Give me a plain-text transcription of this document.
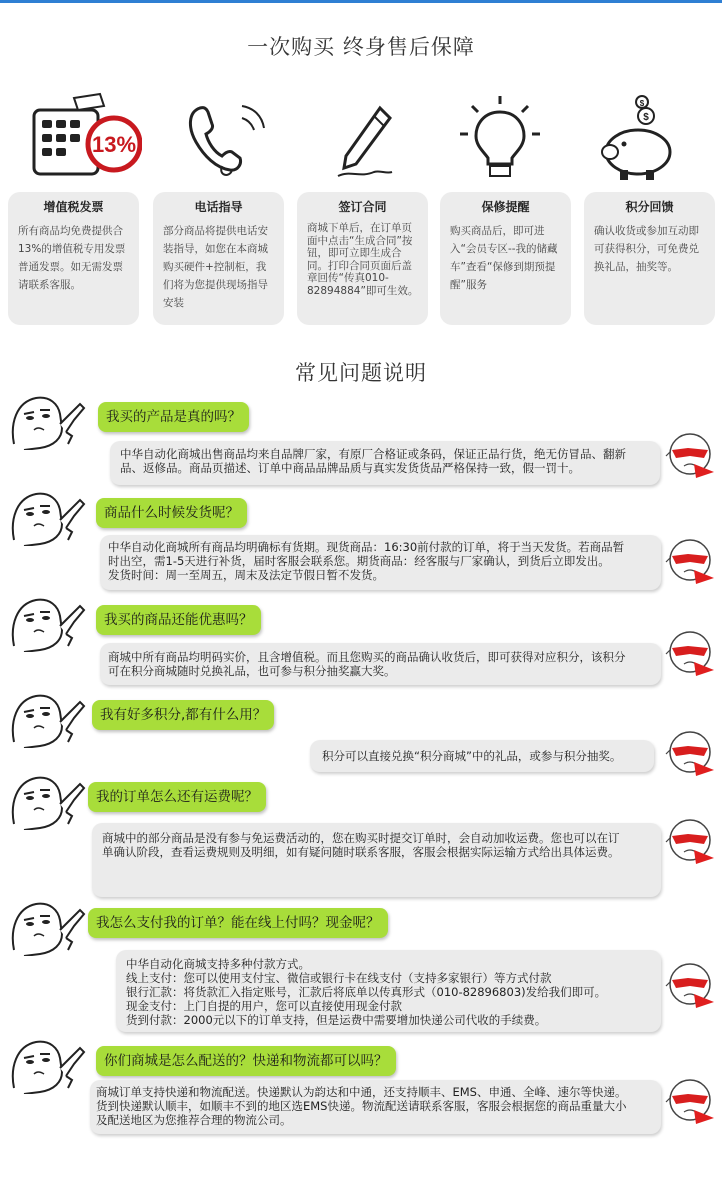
一次购买 终身售后保障
13%
$
$
增值税发票
所有商品均免费提供合13%的增值税专用发票普通发票。如无需发票请联系客服。
电话指导
部分商品将提供电话安装指导，如您在本商城购买硬件+控制柜，我们将为您提供现场指导安装
签订合同
商城下单后，在订单页面中点击“生成合同”按钮，即可立即生成合同。打印合同页面后盖章回传“传真010-82894884”即可生效。
保修提醒
购买商品后，即可进入“会员专区--我的储藏车”查看“保修到期预提醒”服务
积分回馈
确认收货或参加互动即可获得积分，可免费兑换礼品，抽奖等。
常见问题说明
我买的产品是真的吗？
中华自动化商城出售商品均来自品牌厂家，有原厂合格证或条码，保证正品行货，绝无仿冒品、翻新
品、返修品。商品页描述、订单中商品品牌品质与真实发货货品严格保持一致，假一罚十。
商品什么时候发货呢？
中华自动化商城所有商品均明确标有货期。现货商品：16:30前付款的订单，将于当天发货。若商品暂
时出空，需1-5天进行补货，届时客服会联系您。期货商品：经客服与厂家确认，到货后立即发出。
发货时间：周一至周五，周末及法定节假日暂不发货。
我买的商品还能优惠吗？
商城中所有商品均明码实价，且含增值税。而且您购买的商品确认收货后，即可获得对应积分，该积分
可在积分商城随时兑换礼品，也可参与积分抽奖赢大奖。
我有好多积分,都有什么用？
积分可以直接兑换“积分商城”中的礼品，或参与积分抽奖。
我的订单怎么还有运费呢？
商城中的部分商品是没有参与免运费活动的，您在购买时提交订单时，会自动加收运费。您也可以在订
单确认阶段，查看运费规则及明细，如有疑问随时联系客服，客服会根据实际运输方式给出具体运费。
我怎么支付我的订单？能在线上付吗？现金呢？
中华自动化商城支持多种付款方式。
线上支付：您可以使用支付宝、微信或银行卡在线支付（支持多家银行）等方式付款
银行汇款：将货款汇入指定账号，汇款后将底单以传真形式（010-82896803)发给我们即可。
现金支付：上门自提的用户，您可以直接使用现金付款
货到付款：2000元以下的订单支持，但是运费中需要增加快递公司代收的手续费。
你们商城是怎么配送的？快递和物流都可以吗？
商城订单支持快递和物流配送。快递默认为韵达和中通，还支持顺丰、EMS、申通、全峰、速尔等快递。
货到快递默认顺丰，如顺丰不到的地区选EMS快递。物流配送请联系客服，客服会根据您的商品重量大小
及配送地区为您推荐合理的物流公司。
